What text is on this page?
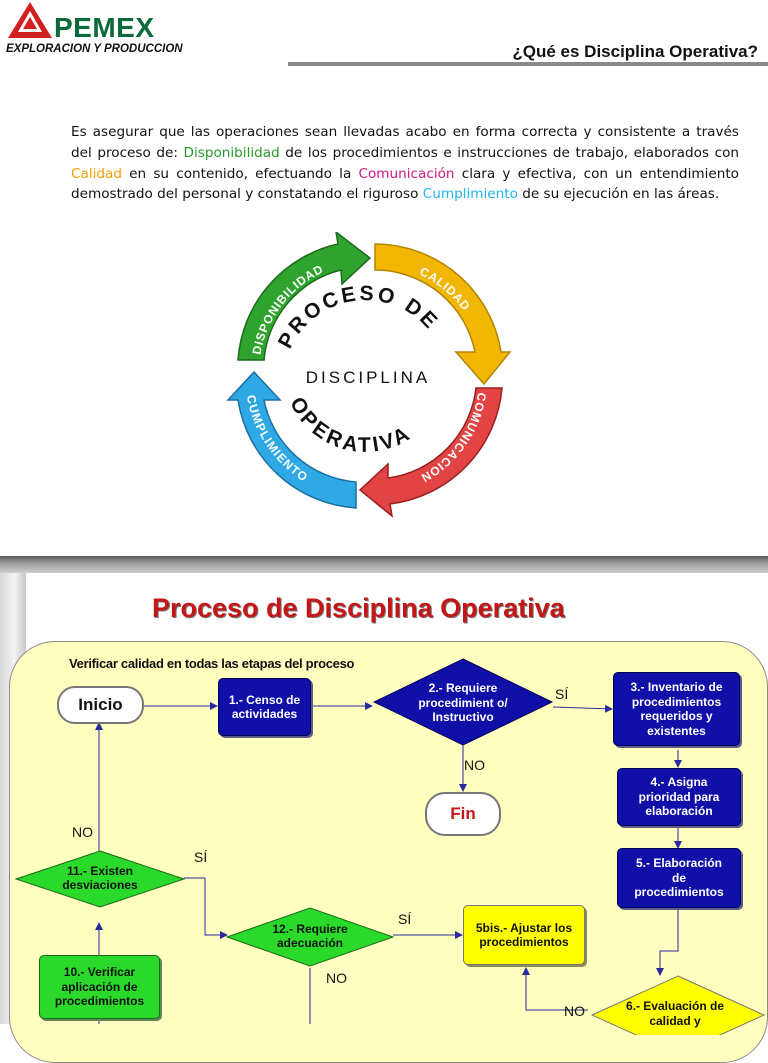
PEMEX
EXPLORACION Y PRODUCCION	¿Qué es Disciplina Operativa?
Es asegurar que las operaciones sean llevadas acabo en forma correcta y consistente a través del proceso de: Disponibilidad de los procedimientos e instrucciones de trabajo, elaborados con Calidad en su contenido, efectuando la Comunicación clara y efectiva, con un entendimiento demostrado del personal y constatando el riguroso Cumplimiento de su ejecución en las áreas.
DISPONIBILIDAD	CALIDAD
COMUNICACION
CUMPLIMIENTO
PROCESO DE
DISCIPLINA
OPERATIVA
Proceso de Disciplina Operativa
Verificar calidad en todas las etapas del proceso
Inicio	1.- Censo de actividades
2.- Requiere procedimient o/ Instructivo
3.- Inventario de procedimientos requeridos y existentes
4.- Asigna prioridad para elaboración
5.- Elaboración de procedimientos
5bis.- Ajustar los procedimientos
Fin
11.- Existen desviaciones
12.- Requiere adecuación
10.- Verificar aplicación de procedimientos	6.- Evaluación de calidad y
SÍ
NO
NO
SÍ
SÍ
NO
NO
